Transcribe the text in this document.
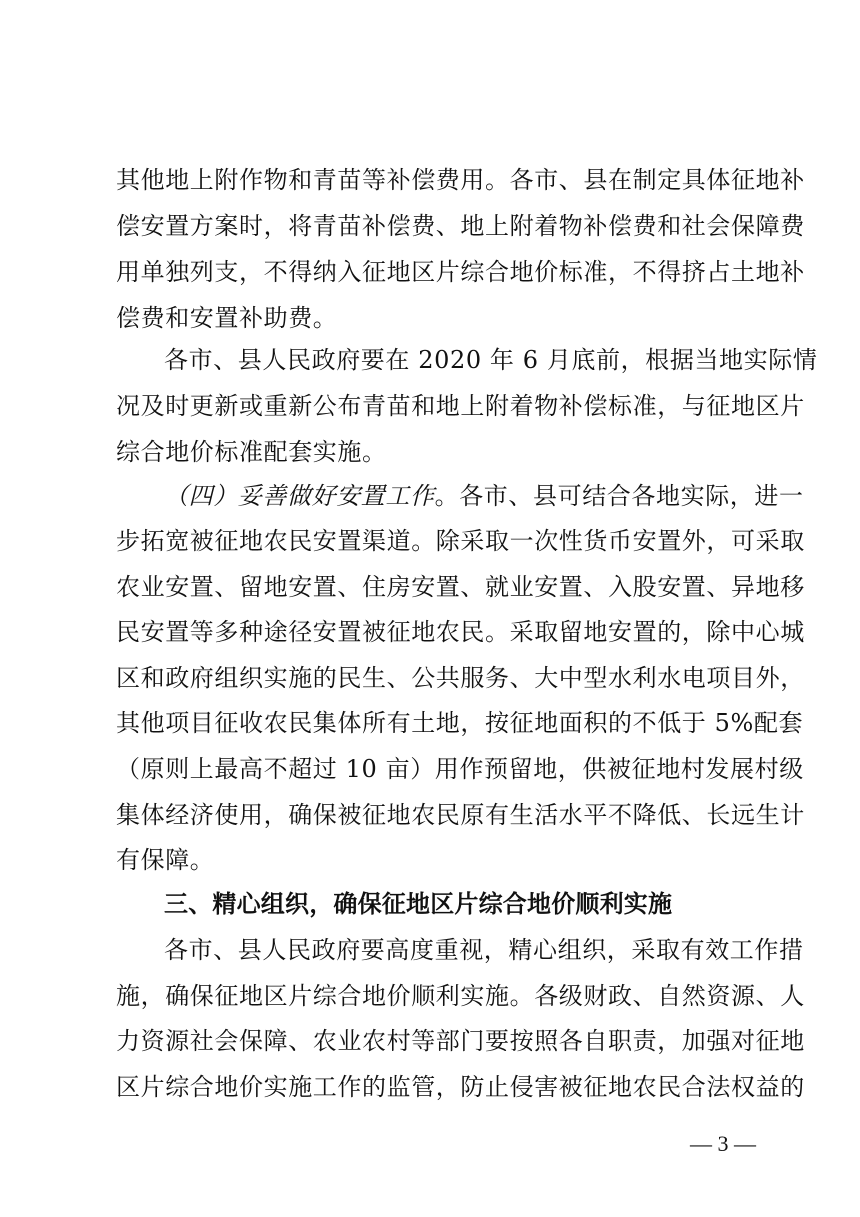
其他地上附作物和青苗等补偿费用。各市、县在制定具体征地补
偿安置方案时，将青苗补偿费、地上附着物补偿费和社会保障费
用单独列支，不得纳入征地区片综合地价标准，不得挤占土地补
偿费和安置补助费。
各市、县人民政府要在 2020 年 6 月底前，根据当地实际情
况及时更新或重新公布青苗和地上附着物补偿标准，与征地区片
综合地价标准配套实施。
（四）妥善做好安置工作 。各市、县可结合各地实际，进一
步拓宽被征地农民安置渠道。除采取一次性货币安置外，可采取
农业安置、留地安置、住房安置、就业安置、入股安置、异地移
民安置等多种途径安置被征地农民。采取留地安置的，除中心城
区和政府组织实施的民生、公共服务、大中型水利水电项目外，
其他项目征收农民集体所有土地，按征地面积的不低于 5%配套
（原则上最高不超过 10 亩）用作预留地，供被征地村发展村级
集体经济使用，确保被征地农民原有生活水平不降低、长远生计
有保障。
三、精心组织，确保征地区片综合地价顺利实施
各市、县人民政府要高度重视，精心组织，采取有效工作措
施，确保征地区片综合地价顺利实施。各级财政、自然资源、人
力资源社会保障、农业农村等部门要按照各自职责，加强对征地
区片综合地价实施工作的监管，防止侵害被征地农民合法权益的
— 3 —
